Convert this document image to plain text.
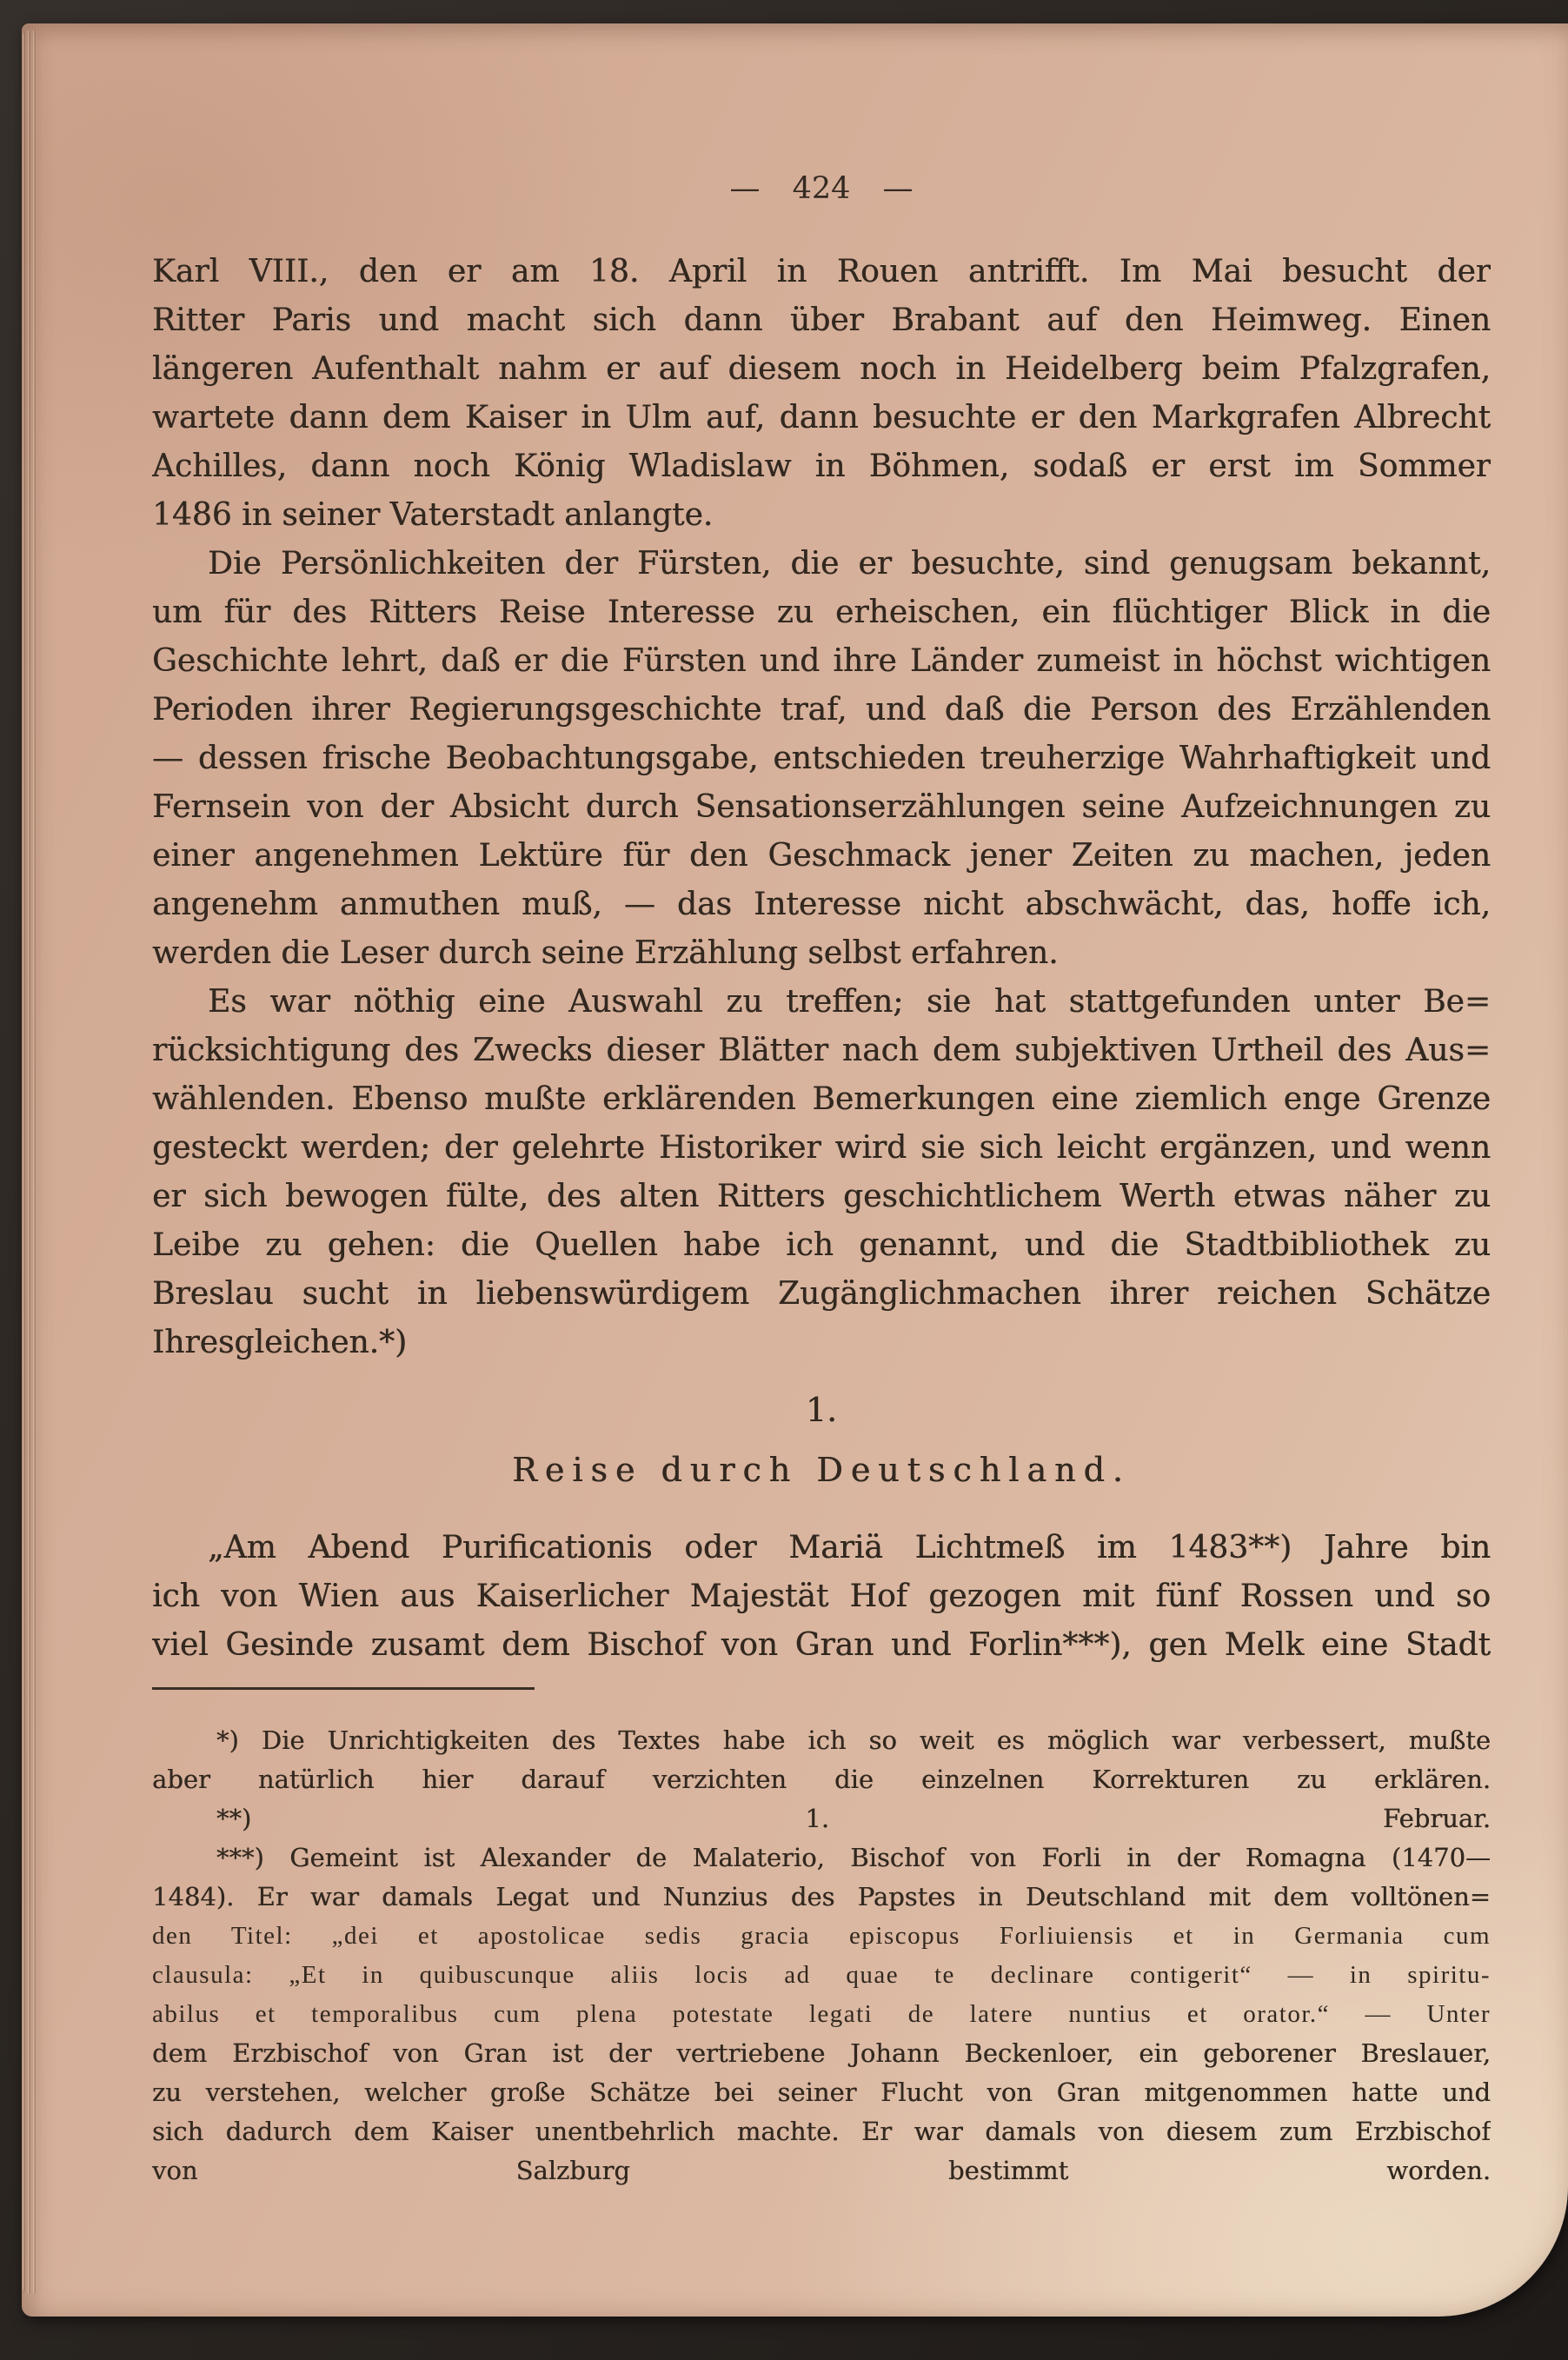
— 424 —
Karl VIII., den er am 18. April in Rouen antrifft. Im Mai besucht der
Ritter Paris und macht sich dann über Brabant auf den Heimweg. Einen
längeren Aufenthalt nahm er auf diesem noch in Heidelberg beim Pfalzgrafen,
wartete dann dem Kaiser in Ulm auf, dann besuchte er den Markgrafen Albrecht
Achilles, dann noch König Wladislaw in Böhmen, sodaß er erst im Sommer
1486 in seiner Vaterstadt anlangte.
Die Persönlichkeiten der Fürsten, die er besuchte, sind genugsam bekannt,
um für des Ritters Reise Interesse zu erheischen, ein flüchtiger Blick in die
Geschichte lehrt, daß er die Fürsten und ihre Länder zumeist in höchst wichtigen
Perioden ihrer Regierungsgeschichte traf, und daß die Person des Erzählenden
— dessen frische Beobachtungsgabe, entschieden treuherzige Wahrhaftigkeit und
Fernsein von der Absicht durch Sensationserzählungen seine Aufzeichnungen zu
einer angenehmen Lektüre für den Geschmack jener Zeiten zu machen, jeden
angenehm anmuthen muß, — das Interesse nicht abschwächt, das, hoffe ich,
werden die Leser durch seine Erzählung selbst erfahren.
Es war nöthig eine Auswahl zu treffen; sie hat stattgefunden unter Be=
rücksichtigung des Zwecks dieser Blätter nach dem subjektiven Urtheil des Aus=
wählenden. Ebenso mußte erklärenden Bemerkungen eine ziemlich enge Grenze
gesteckt werden; der gelehrte Historiker wird sie sich leicht ergänzen, und wenn
er sich bewogen fülte, des alten Ritters geschichtlichem Werth etwas näher zu
Leibe zu gehen: die Quellen habe ich genannt, und die Stadtbibliothek zu
Breslau sucht in liebenswürdigem Zugänglichmachen ihrer reichen Schätze
Ihresgleichen.*)
1.
Reise durch Deutschland.
„Am Abend Purificationis oder Mariä Lichtmeß im 1483**) Jahre bin
ich von Wien aus Kaiserlicher Majestät Hof gezogen mit fünf Rossen und so
viel Gesinde zusamt dem Bischof von Gran und Forlin***), gen Melk eine Stadt
*) Die Unrichtigkeiten des Textes habe ich so weit es möglich war verbessert, mußte
aber natürlich hier darauf verzichten die einzelnen Korrekturen zu erklären.
**) 1. Februar.
***) Gemeint ist Alexander de Malaterio, Bischof von Forli in der Romagna (1470—
1484). Er war damals Legat und Nunzius des Papstes in Deutschland mit dem volltönen=
den Titel: „dei et apostolicae sedis gracia episcopus Forliuiensis et in Germania cum
clausula: „Et in quibuscunque aliis locis ad quae te declinare contigerit“ — in spiritu-
abilus et temporalibus cum plena potestate legati de latere nuntius et orator.“ — Unter
dem Erzbischof von Gran ist der vertriebene Johann Beckenloer, ein geborener Breslauer,
zu verstehen, welcher große Schätze bei seiner Flucht von Gran mitgenommen hatte und
sich dadurch dem Kaiser unentbehrlich machte. Er war damals von diesem zum Erzbischof
von Salzburg bestimmt worden.
